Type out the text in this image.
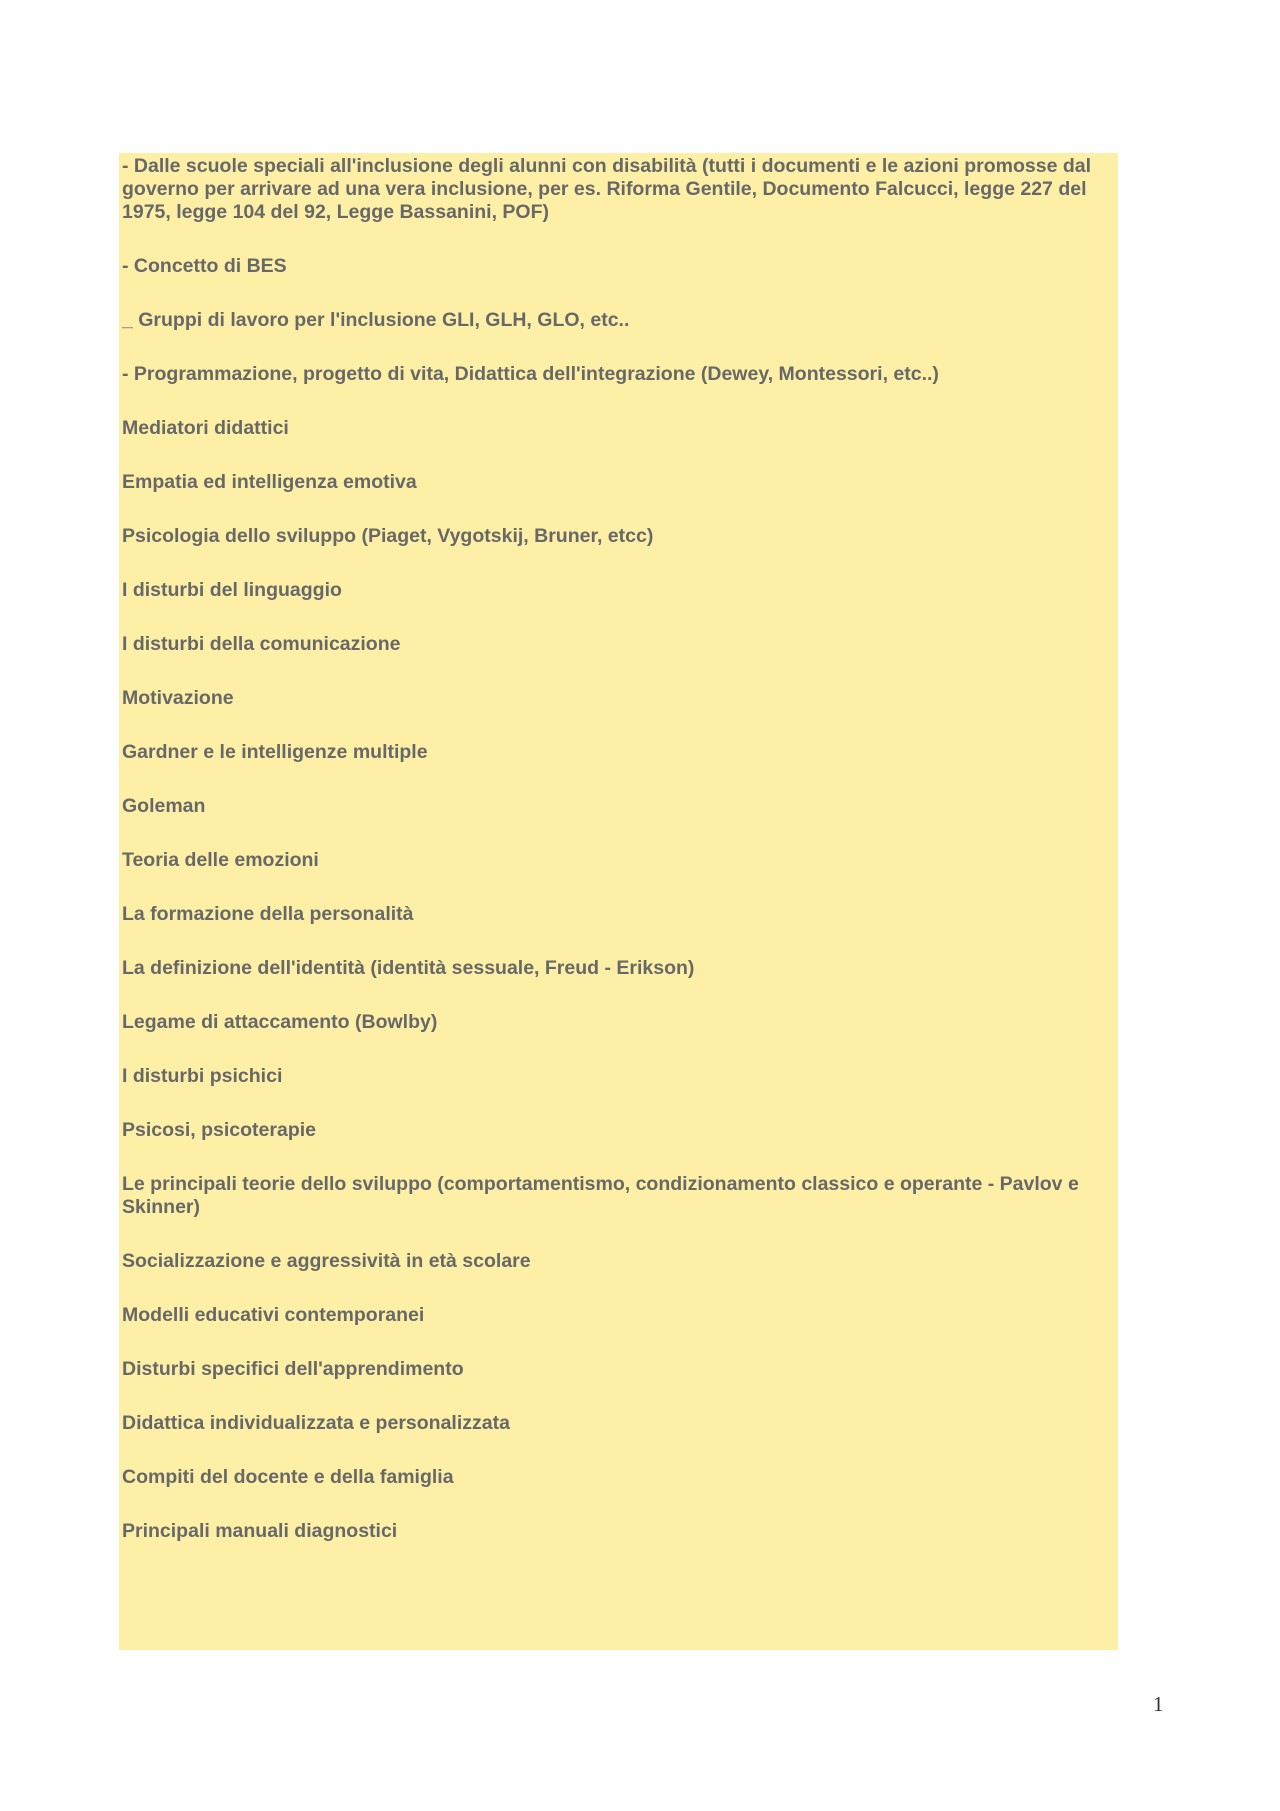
- Dalle scuole speciali all'inclusione degli alunni con disabilità (tutti i documenti e le azioni promosse dal governo per arrivare ad una vera inclusione, per es. Riforma Gentile, Documento Falcucci, legge 227 del 1975, legge 104 del 92, Legge Bassanini, POF)

- Concetto di BES

_ Gruppi di lavoro per l'inclusione GLI, GLH, GLO, etc..

- Programmazione, progetto di vita, Didattica dell'integrazione (Dewey, Montessori, etc..)

Mediatori didattici

Empatia ed intelligenza emotiva

Psicologia dello sviluppo (Piaget, Vygotskij, Bruner, etcc)

I disturbi del linguaggio

I disturbi della comunicazione

Motivazione

Gardner e le intelligenze multiple

Goleman

Teoria delle emozioni

La formazione della personalità

La definizione dell'identità (identità sessuale, Freud - Erikson)

Legame di attaccamento (Bowlby)

I disturbi psichici

Psicosi, psicoterapie

Le principali teorie dello sviluppo (comportamentismo, condizionamento classico e operante - Pavlov e Skinner)

Socializzazione e aggressività in età scolare

Modelli educativi contemporanei

Disturbi specifici dell'apprendimento

Didattica individualizzata e personalizzata

Compiti del docente e della famiglia

Principali manuali diagnostici

1
